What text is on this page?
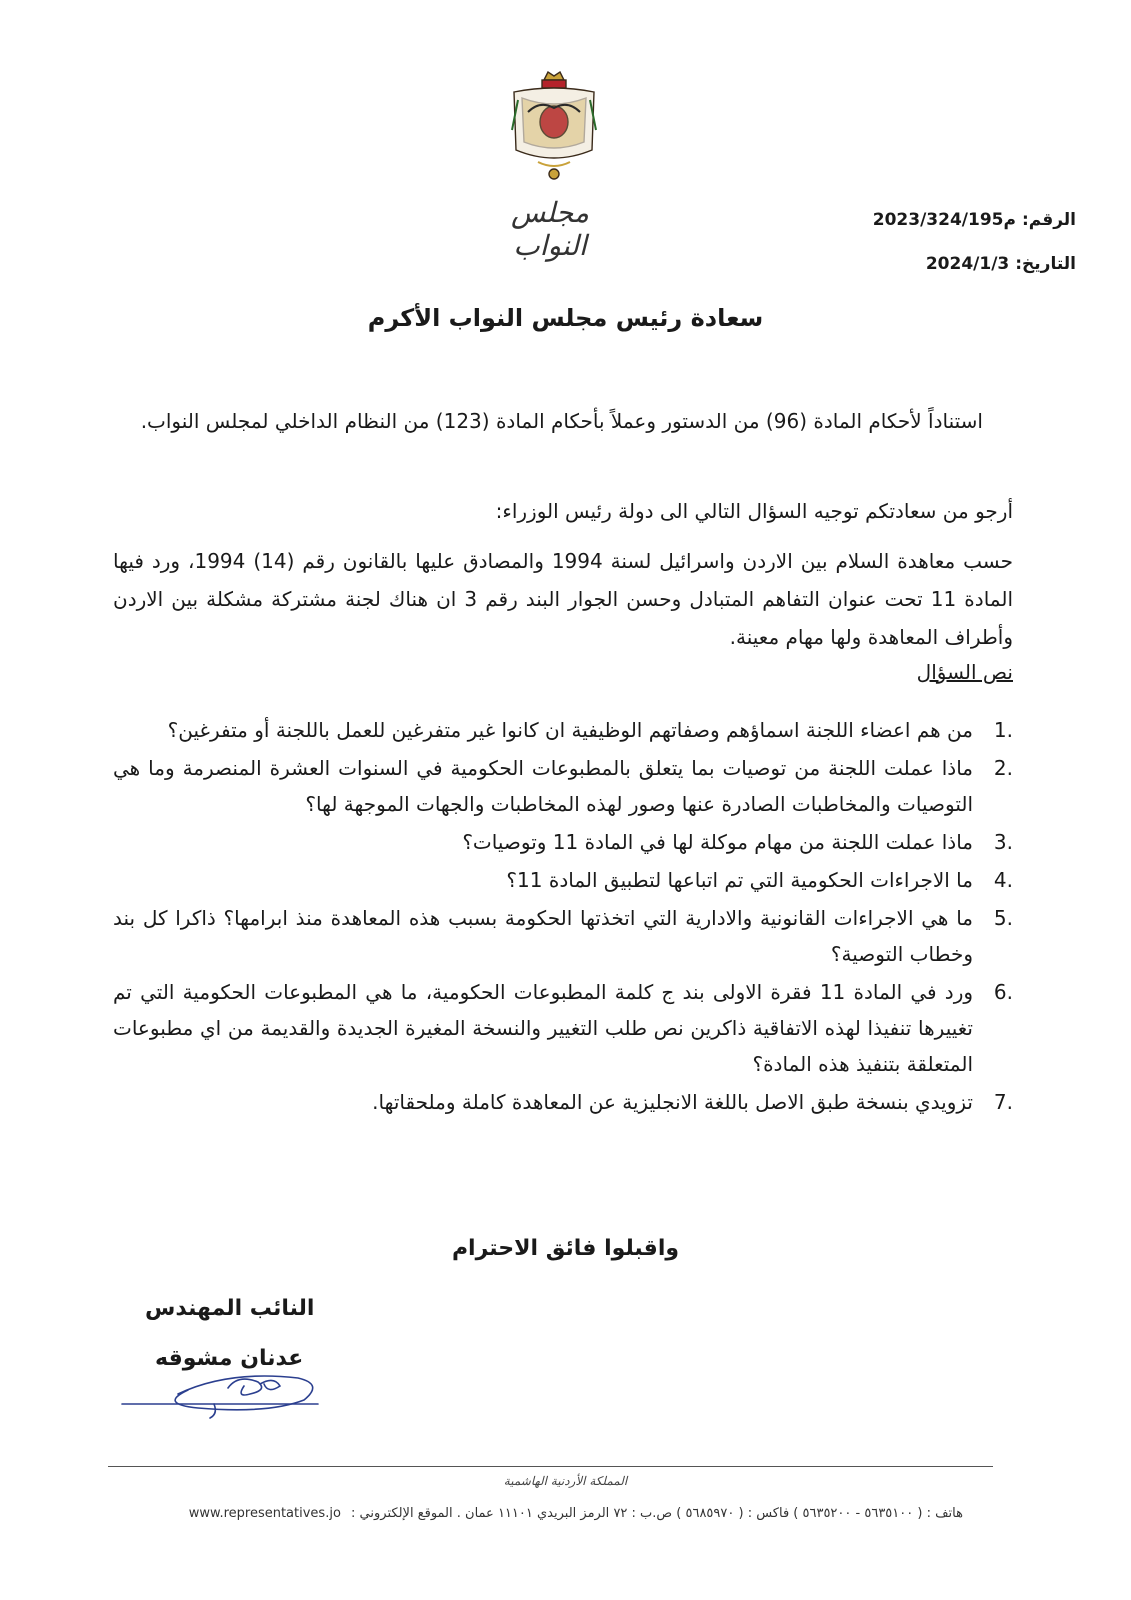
مجلس النواب
الرقم:م2023/324/195
التاريخ:2024/1/3
سعادة رئيس مجلس النواب الأكرم
استناداً لأحكام المادة (96) من الدستور وعملاً بأحكام المادة (123) من النظام الداخلي لمجلس النواب.
أرجو من سعادتكم توجيه السؤال التالي الى دولة رئيس الوزراء:
حسب معاهدة السلام بين الاردن واسرائيل لسنة 1994 والمصادق عليها بالقانون رقم (14) 1994، ورد فيها المادة 11 تحت عنوان التفاهم المتبادل وحسن الجوار البند رقم 3 ان هناك لجنة مشتركة مشكلة بين الاردن وأطراف المعاهدة ولها مهام معينة.
نص السؤال
1.
من هم اعضاء اللجنة اسماؤهم وصفاتهم الوظيفية ان كانوا غير متفرغين للعمل باللجنة أو متفرغين؟
2.
ماذا عملت اللجنة من توصيات بما يتعلق بالمطبوعات الحكومية في السنوات العشرة المنصرمة وما هي التوصيات والمخاطبات الصادرة عنها وصور لهذه المخاطبات والجهات الموجهة لها؟
3.
ماذا عملت اللجنة من مهام موكلة لها في المادة 11 وتوصيات؟
4.
ما الاجراءات الحكومية التي تم اتباعها لتطبيق المادة 11؟
5.
ما هي الاجراءات القانونية والادارية التي اتخذتها الحكومة بسبب هذه المعاهدة منذ ابرامها؟ ذاكرا كل بند وخطاب التوصية؟
6.
ورد في المادة 11 فقرة الاولى بند ج كلمة المطبوعات الحكومية، ما هي المطبوعات الحكومية التي تم تغييرها تنفيذا لهذه الاتفاقية ذاكرين نص طلب التغيير والنسخة المغيرة الجديدة والقديمة من اي مطبوعات المتعلقة بتنفيذ هذه المادة؟
7.
تزويدي بنسخة طبق الاصل باللغة الانجليزية عن المعاهدة كاملة وملحقاتها.
واقبلوا فائق الاحترام
النائب المهندس
عدنان مشوقه
المملكة الأردنية الهاشمية
هاتف : ( ٥٦٣٥١٠٠ - ٥٦٣٥٢٠٠ ) فاكس : ( ٥٦٨٥٩٧٠ ) ص.ب : ٧٢ الرمز البريدي ١١١٠١ عمان . الموقع الإلكتروني : www.representatives.jo
